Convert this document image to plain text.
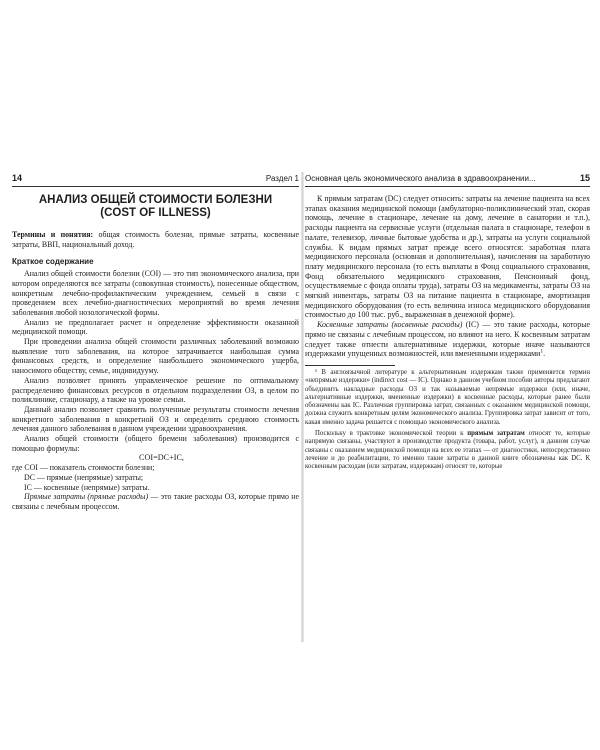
14	Раздел 1
АНАЛИЗ ОБЩЕЙ СТОИМОСТИ БОЛЕЗНИ
(COST OF ILLNESS)

Термины и понятия: общая стоимость болезни, прямые затраты, косвенные затраты, ВВП, национальный доход.

Краткое содержание

Анализ общей стоимости болезни (COI) — это тип экономического анализа, при котором определяются все затраты (совокупная стоимость), понесенные обществом, конкретным лечебно-профилактическим учреждением, семьей в связи с проведением всех лечебно-диагностических мероприятий во время лечения заболевания любой нозологической формы.

Анализ не предполагает расчет и определение эффективности оказанной медицинской помощи.

При проведении анализа общей стоимости различных заболеваний возможно выявление того заболевания, на которое затрачивается наибольшая сумма финансовых средств, и определение наибольшего экономического ущерба, наносимого обществу, семье, индивидууму.

Анализ позволяет принять управленческое решение по оптимальному распределению финансовых ресурсов в отдельном подразделении ОЗ, в целом по поликлинике, стационару, а также на уровне семьи.

Данный анализ позволяет сравнить полученные результаты стоимости лечения конкретного заболевания в конкретной ОЗ и определить среднюю стоимость лечения данного заболевания в данном учреждении здравоохранения.

Анализ общей стоимости (общего бремени заболевания) производится с помощью формулы:

COI=DC+IC,

где COI — показатель стоимости болезни;

DC — прямые (непрямые) затраты;

IC — косвенные (непрямые) затраты.

Прямые затраты (прямые расходы) — это такие расходы ОЗ, которые прямо не связаны с лечебным процессом.

Основная цель экономического анализа в здравоохранении...	15

К прямым затратам (DC) следует относить: затраты на лечение пациента на всех этапах оказания медицинской помощи (амбулаторно-поликлинический этап, скорая помощь, лечение в стационаре, лечение на дому, лечение в санатории и т.п.), расходы пациента на сервисные услуги (отдельная палата в стационаре, телефон в палате, телевизор, личные бытовые удобства и др.), затраты на услуги социальной службы. К видам прямых затрат прежде всего относятся: заработная плата медицинского персонала (основная и дополнительная), начисления на заработную плату медицинского персонала (то есть выплаты в Фонд социального страхования, Фонд обязательного медицинского страхования, Пенсионный фонд, осуществляемые с фонда оплаты труда), затраты ОЗ на медикаменты, затраты ОЗ на мягкий инвентарь, затраты ОЗ на питание пациента в стационаре, амортизация медицинского оборудования (то есть величина износа медицинского оборудования стоимостью до 100 тыс. руб., выраженная в денежной форме).

Косвенные затраты (косвенные расходы) (IC) — это такие расходы, которые прямо не связаны с лечебным процессом, но влияют на него. К косвенным затратам следует также отнести альтернативные издержки, которые иначе называются издержками упущенных возможностей, или вмененными издержками$^1$.

¹ В англоязычной литературе к альтернативным издержкам также применяется термин «непрямые издержки» (indirect cost — IC). Однако в данном учебном пособии авторы предлагают объединить накладные расходы ОЗ и так называемые непрямые издержки (или, иначе, альтернативные издержки, вмененные издержки) в косвенные расходы, которые ранее были обозначены как IC. Различная группировка затрат, связанных с оказанием медицинской помощи, должна служить конкретным целям экономического анализа. Группировка затрат зависит от того, какая именно задача решается с помощью экономического анализа.

Поскольку в трактовке экономической теории к прямым затратам относят те, которые напрямую связаны, участвуют в производстве продукта (товара, работ, услуг), в данном случае связаны с оказанием медицинской помощи на всех ее этапах — от диагностики, непосредственно лечение и до реабилитации, то именно такие затраты в данной книге обозначены как DC. К косвенным расходам (или затратам, издержкам) относят те, которые
